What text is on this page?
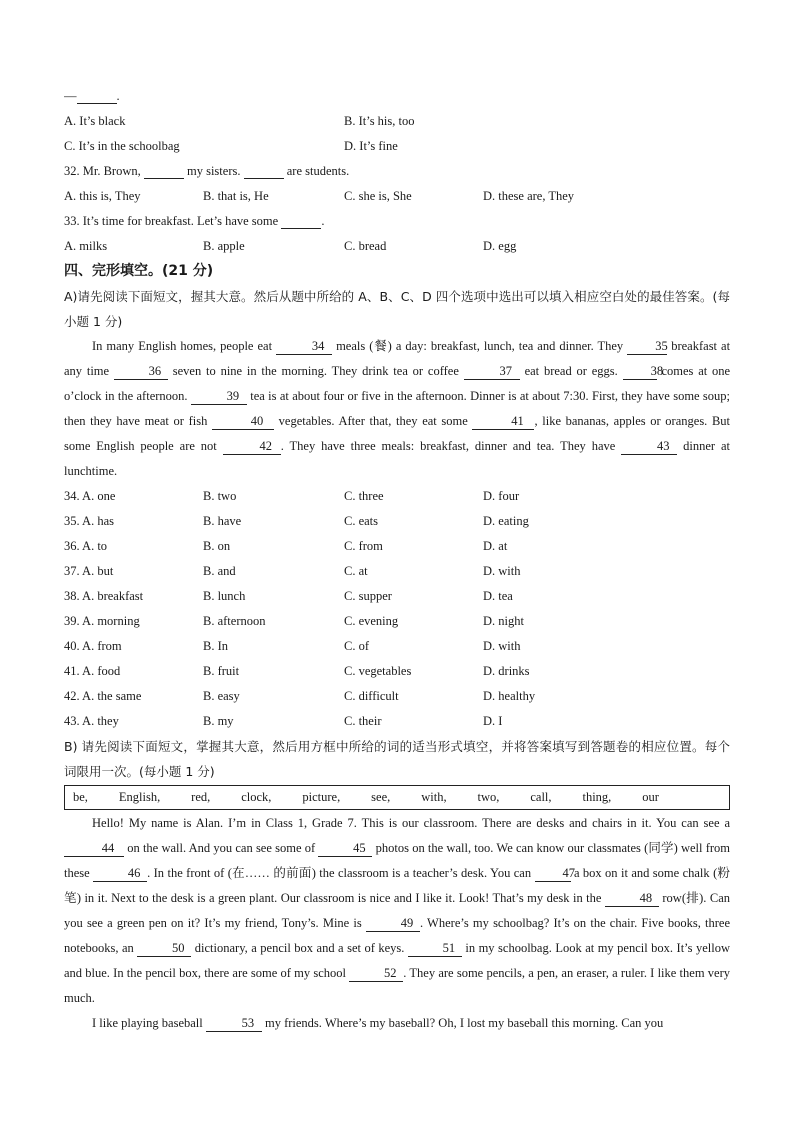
—	.
A. It’s black	B. It’s his, too
C. It’s in the schoolbag	D. It’s fine
32. Mr. Brown,	my sisters.	are students.
A. this is, They	B. that is, He	C. she is, She	D. these are, They
33. It’s time for breakfast. Let’s have some	.
A. milks	B. apple	C. bread	D. egg
四、完形填空。(21 分)
A)请先阅读下面短文，握其大意。然后从题中所给的 A、B、C、D 四个选项中选出可以填入相应空白处的最佳答案。(每小题 1 分)
In many English homes, people eat	34 meals (餐) a day: breakfast, lunch, tea and dinner. They	35 breakfast at any time	36 seven to nine in the morning. They drink tea or coffee	37 eat bread or eggs.	38 comes at one o’clock in the afternoon.	39 tea is at about four or five in the afternoon. Dinner is at about 7:30. First, they have some soup; then they have meat or fish	40 vegetables. After that, they eat some	41 , like bananas, apples or oranges. But some English people are not	42 . They have three meals: breakfast, dinner and tea. They have	43 dinner at lunchtime.
34. A. one	B. two	C. three	D. four
35. A. has	B. have	C. eats	D. eating
36. A. to	B. on	C. from	D. at
37. A. but	B. and	C. at	D. with
38. A. breakfast	B. lunch	C. supper	D. tea
39. A. morning	B. afternoon	C. evening	D. night
40. A. from	B. In	C. of	D. with
41. A. food	B. fruit	C. vegetables	D. drinks
42. A. the same	B. easy	C. difficult	D. healthy
43. A. they	B. my	C. their	D. I
B) 请先阅读下面短文，掌握其大意，然后用方框中所给的词的适当形式填空，并将答案填写到答题卷的相应位置。每个词限用一次。(每小题 1 分)
be, English, red, clock, picture, see, with, two, call, thing, our
Hello! My name is Alan. I’m in Class 1, Grade 7. This is our classroom. There are desks and chairs in it. You can see a 44 on the wall. And you can see some of	45 photos on the wall, too. We can know our classmates (同学) well from these	46 . In the front of (在…… 的前面) the classroom is a teacher’s desk. You can	47 a box on it and some chalk (粉笔) in it. Next to the desk is a green plant. Our classroom is nice and I like it. Look! That’s my desk in the	48 row(排). Can you see a green pen on it? It’s my friend, Tony’s. Mine is	49 . Where’s my schoolbag? It’s on the chair. Five books, three notebooks, an	50 dictionary, a pencil box and a set of keys.	51 in my schoolbag. Look at my pencil box. It’s yellow and blue. In the pencil box, there are some of my school	52 . They are some pencils, a pen, an eraser, a ruler. I like them very much.
I like playing baseball	53 my friends. Where’s my baseball? Oh, I lost my baseball this morning. Can you
